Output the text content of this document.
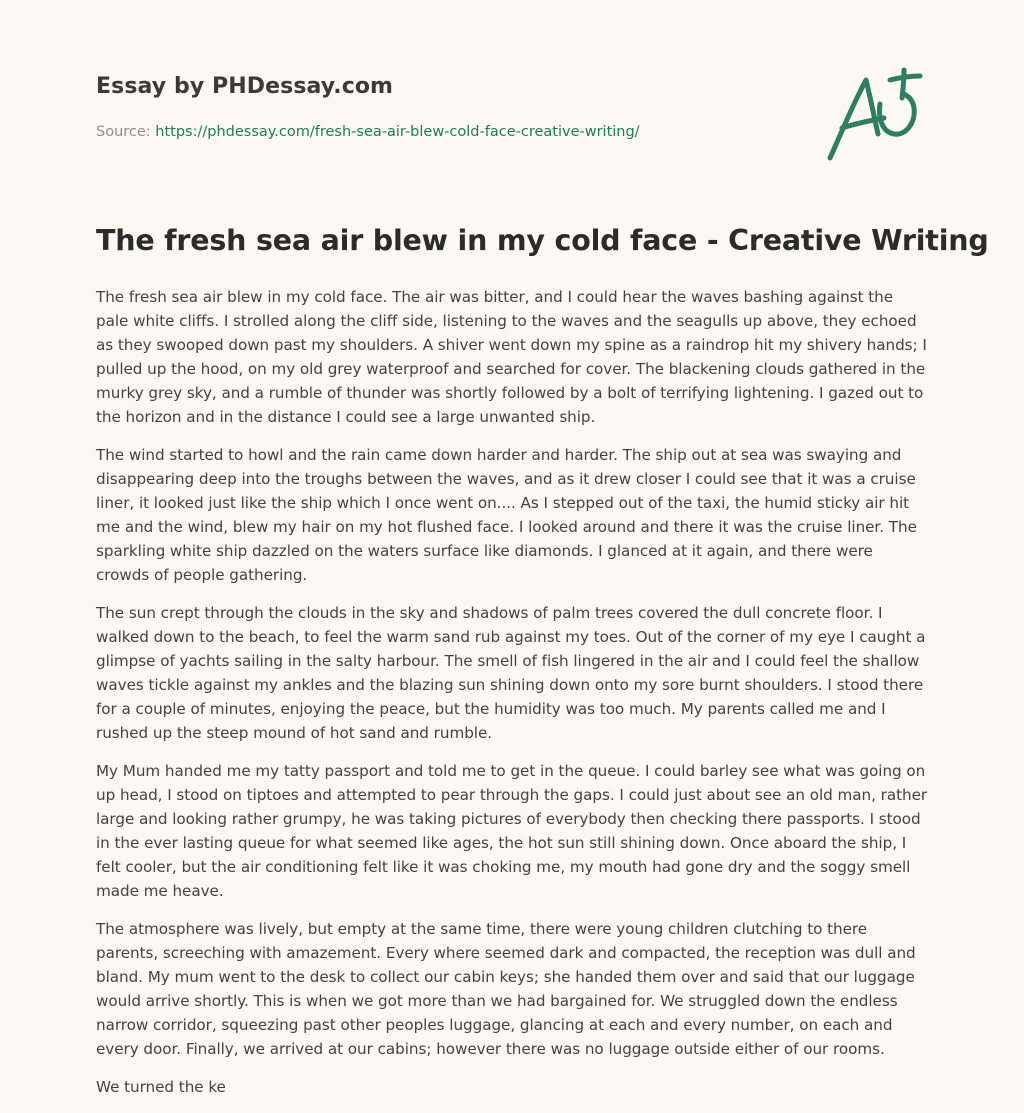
Essay by PHDessay.com
Source: https://phdessay.com/fresh-sea-air-blew-cold-face-creative-writing/
The fresh sea air blew in my cold face - Creative Writing

The fresh sea air blew in my cold face. The air was bitter, and I could hear the waves bashing against the pale white cliffs. I strolled along the cliff side, listening to the waves and the seagulls up above, they echoed as they swooped down past my shoulders. A shiver went down my spine as a raindrop hit my shivery hands; I pulled up the hood, on my old grey waterproof and searched for cover. The blackening clouds gathered in the murky grey sky, and a rumble of thunder was shortly followed by a bolt of terrifying lightening. I gazed out to the horizon and in the distance I could see a large unwanted ship.

The wind started to howl and the rain came down harder and harder. The ship out at sea was swaying and disappearing deep into the troughs between the waves, and as it drew closer I could see that it was a cruise liner, it looked just like the ship which I once went on.... As I stepped out of the taxi, the humid sticky air hit me and the wind, blew my hair on my hot flushed face. I looked around and there it was the cruise liner. The sparkling white ship dazzled on the waters surface like diamonds. I glanced at it again, and there were crowds of people gathering.

The sun crept through the clouds in the sky and shadows of palm trees covered the dull concrete floor. I walked down to the beach, to feel the warm sand rub against my toes. Out of the corner of my eye I caught a glimpse of yachts sailing in the salty harbour. The smell of fish lingered in the air and I could feel the shallow waves tickle against my ankles and the blazing sun shining down onto my sore burnt shoulders. I stood there for a couple of minutes, enjoying the peace, but the humidity was too much. My parents called me and I rushed up the steep mound of hot sand and rumble.

My Mum handed me my tatty passport and told me to get in the queue. I could barley see what was going on up head, I stood on tiptoes and attempted to pear through the gaps. I could just about see an old man, rather large and looking rather grumpy, he was taking pictures of everybody then checking there passports. I stood in the ever lasting queue for what seemed like ages, the hot sun still shining down. Once aboard the ship, I felt cooler, but the air conditioning felt like it was choking me, my mouth had gone dry and the soggy smell made me heave.

The atmosphere was lively, but empty at the same time, there were young children clutching to there parents, screeching with amazement. Every where seemed dark and compacted, the reception was dull and bland. My mum went to the desk to collect our cabin keys; she handed them over and said that our luggage would arrive shortly. This is when we got more than we had bargained for. We struggled down the endless narrow corridor, squeezing past other peoples luggage, glancing at each and every number, on each and every door. Finally, we arrived at our cabins; however there was no luggage outside either of our rooms.

We turned the ke
